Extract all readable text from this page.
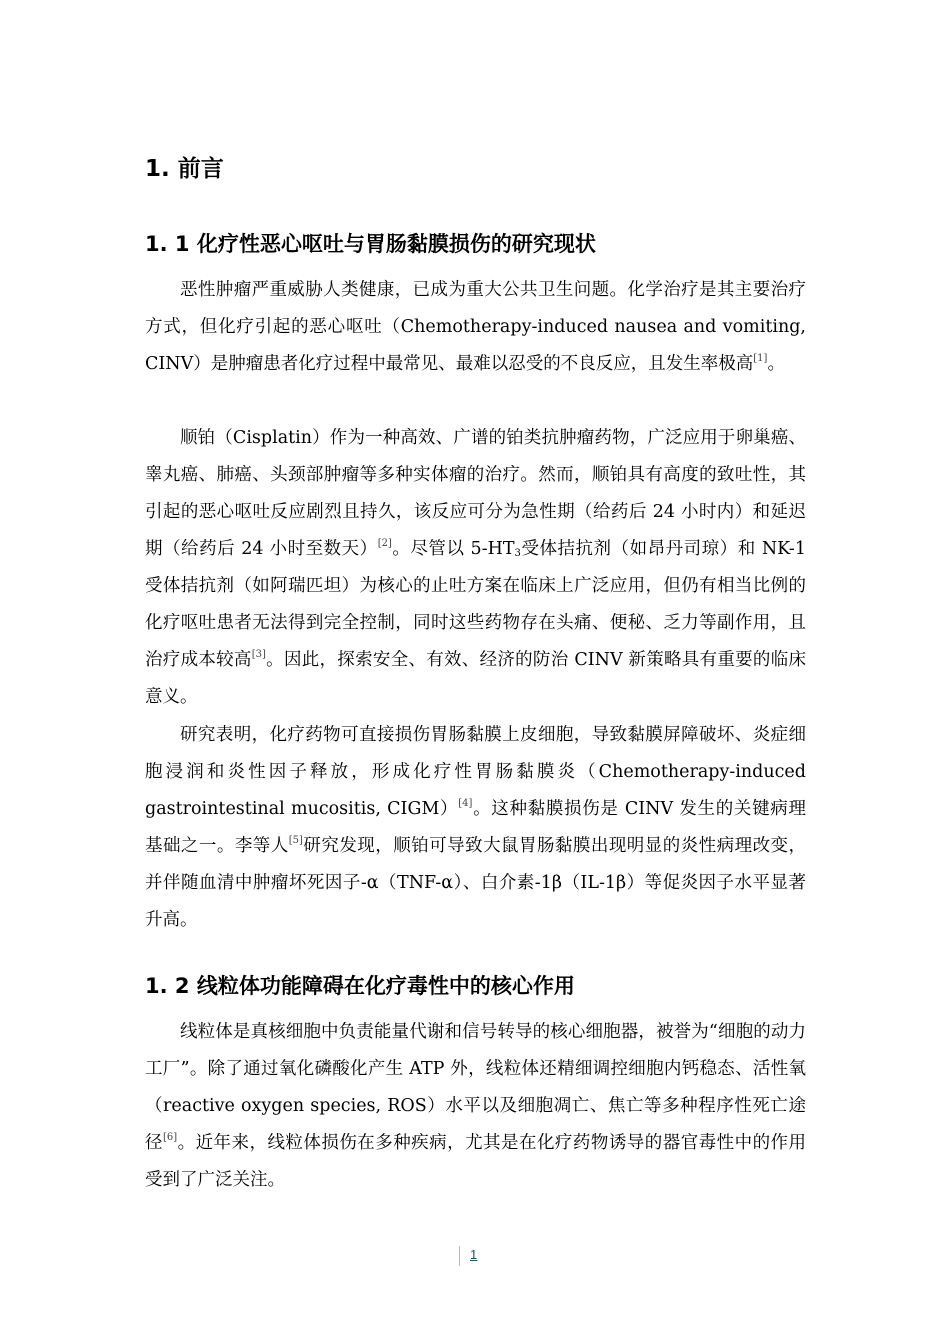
1. 前言
1. 1 化疗性恶心呕吐与胃肠黏膜损伤的研究现状

恶性肿瘤严重威胁人类健康，已成为重大公共卫生问题。化学治疗是其主要治疗方式，但化疗引起的恶心呕吐（Chemotherapy-induced nausea and vomiting, CINV）是肿瘤患者化疗过程中最常见、最难以忍受的不良反应，且发生率极高[1]。

顺铂（Cisplatin）作为一种高效、广谱的铂类抗肿瘤药物，广泛应用于卵巢癌、睾丸癌、肺癌、头颈部肿瘤等多种实体瘤的治疗。然而，顺铂具有高度的致吐性，其引起的恶心呕吐反应剧烈且持久，该反应可分为急性期（给药后 24 小时内）和延迟期（给药后 24 小时至数天）[2]。尽管以 $5-HT_3$受体拮抗剂（如昂丹司琼）和 NK-1 受体拮抗剂（如阿瑞匹坦）为核心的止吐方案在临床上广泛应用，但仍有相当比例的化疗呕吐患者无法得到完全控制，同时这些药物存在头痛、便秘、乏力等副作用，且治疗成本较高[3]。因此，探索安全、有效、经济的防治 CINV 新策略具有重要的临床意义。

研究表明，化疗药物可直接损伤胃肠黏膜上皮细胞，导致黏膜屏障破坏、炎症细胞浸润和炎性因子释放，形成化疗性胃肠黏膜炎（Chemotherapy-induced gastrointestinal mucositis, CIGM）[4]。这种黏膜损伤是 CINV 发生的关键病理基础之一。李等人[5]研究发现，顺铂可导致大鼠胃肠黏膜出现明显的炎性病理改变，并伴随血清中肿瘤坏死因子-α（TNF-α）、白介素-1β（IL-1β）等促炎因子水平显著升高。

1. 2 线粒体功能障碍在化疗毒性中的核心作用

线粒体是真核细胞中负责能量代谢和信号转导的核心细胞器，被誉为“细胞的动力工厂”。除了通过氧化磷酸化产生 ATP 外，线粒体还精细调控细胞内钙稳态、活性氧（reactive oxygen species, ROS）水平以及细胞凋亡、焦亡等多种程序性死亡途径[6]。近年来，线粒体损伤在多种疾病，尤其是在化疗药物诱导的器官毒性中的作用受到了广泛关注。

1
